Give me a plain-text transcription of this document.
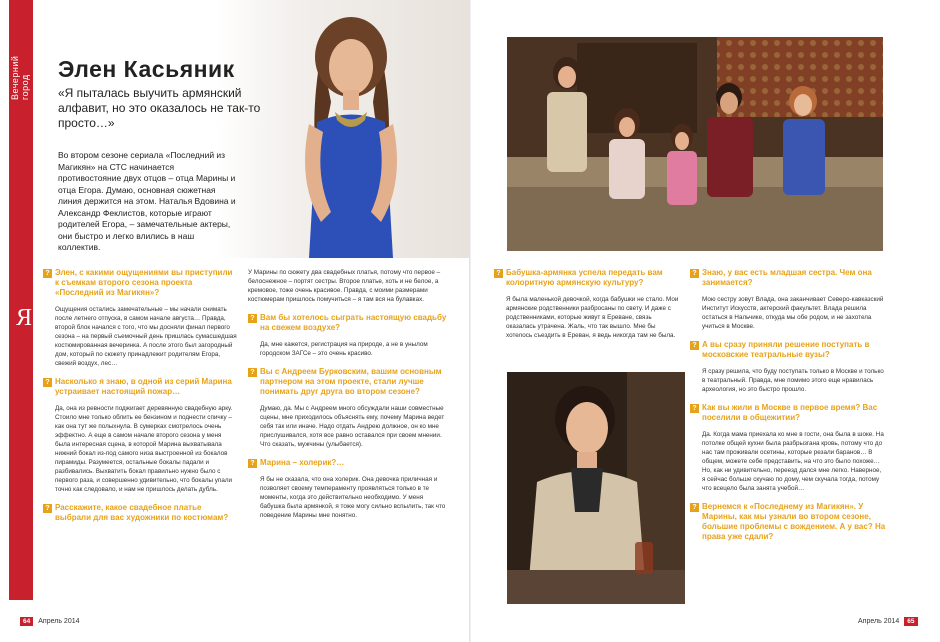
Вечерний город
Я
Элен Касьяник

«Я пыталась выучить армянский алфавит, но это оказалось не так-то просто…»

Во втором сезоне сериала «Последний из Магикян» на СТС начинается противостояние двух отцов – отца Марины и отца Егора. Думаю, основная сюжетная линия держится на этом. Наталья Вдовина и Александр Феклистов, которые играют родителей Егора, – замечательные актеры, они быстро и легко влились в наш коллектив.

? Элен, с какими ощущениями вы приступили к съемкам второго сезона проекта «Последний из Магикян»?

Ощущения остались замечательные – мы начали снимать после летнего отпуска, в самом начале августа… Правда, второй блок начался с того, что мы досняли финал первого сезона – на первый съемочный день пришлась сумасшедшая костюмированная вечеринка. А после этого был загородный дом, который по сюжету принадлежит родителям Егора, свежий воздух, лес…

? Насколько я знаю, в одной из серий Марина устраивает настоящий пожар…

Да, она из ревности поджигает деревянную свадебную арку. Стоило мне только облить ее бензином и поднести спичку – как она тут же полыхнула. В сумерках смотрелось очень эффектно. А еще в самом начале второго сезона у меня была интересная сцена, в которой Марина выхватывала нижний бокал из-под самого низа выстроенной из бокалов пирамиды. Разумеется, остальные бокалы падали и разбивались. Выхватить бокал правильно нужно было с первого раза, и совершенно удивительно, что бокалы упали точно как следовало, и нам не пришлось делать дубль.

? Расскажите, какое свадебное платье выбрали для вас художники по костюмам?

У Марины по сюжету два свадебных платья, потому что первое – белоснежное – портят сестры. Второе платье, хоть и не белое, а кремовое, тоже очень красивое. Правда, с моими размерами костюмерам пришлось помучиться – я там вся на булавках.

? Вам бы хотелось сыграть настоящую свадьбу на свежем воздухе?

Да, мне кажется, регистрация на природе, а не в унылом городском ЗАГСе – это очень красиво.

? Вы с Андреем Бурковским, вашим основным партнером на этом проекте, стали лучше понимать друг друга во втором сезоне?

Думаю, да. Мы с Андреем много обсуждали наши совместные сцены, мне приходилось объяснять ему, почему Марина ведет себя так или иначе. Надо отдать Андрею должное, он ко мне прислушивался, хотя все равно оставался при своем мнении. Что сказать, мужчины (улыбается).

? Марина – холерик?…

Я бы не сказала, что она холерик. Она девочка приличная и позволяет своему темпераменту проявляться только в те моменты, когда это действительно необходимо. У меня бабушка была армянкой, я тоже могу сильно вспылить, так что поведение Марины мне понятно.

64	Апрель 2014
? Бабушка-армянка успела передать вам колоритную армянскую культуру?

Я была маленькой девочкой, когда бабушки не стало. Мои армянские родственники разбросаны по свету. И даже с родственниками, которые живут в Ереване, связь оказалась утрачена. Жаль, что так вышло. Мне бы хотелось съездить в Ереван, я ведь никогда там не была.

? Знаю, у вас есть младшая сестра. Чем она занимается?

Мою сестру зовут Влада, она заканчивает Северо-кавказский Институт Искусств, актерский факультет. Влада решила остаться в Нальчике, откуда мы обе родом, и не захотела учиться в Москве.

? А вы сразу приняли решение поступать в московские театральные вузы?

Я сразу решила, что буду поступать только в Москве и только в театральный. Правда, мне помимо этого еще нравилась археология, но это быстро прошло.

? Как вы жили в Москве в первое время? Вас поселили в общежитии?

Да. Когда мама приехала ко мне в гости, она была в шоке. На потолке общей кухни была разбрызгана кровь, потому что до нас там проживали осетины, которые резали баранов… В общем, можете себе представить, на что это было похоже… Но, как ни удивительно, переезд дался мне легко. Наверное, я сейчас больше скучаю по дому, чем скучала тогда, потому что всецело была занята учебой…

? Вернемся к «Последнему из Магикян». У Марины, как мы узнали во втором сезоне, большие проблемы с вождением. А у вас? На права уже сдали?
Апрель 2014	65
